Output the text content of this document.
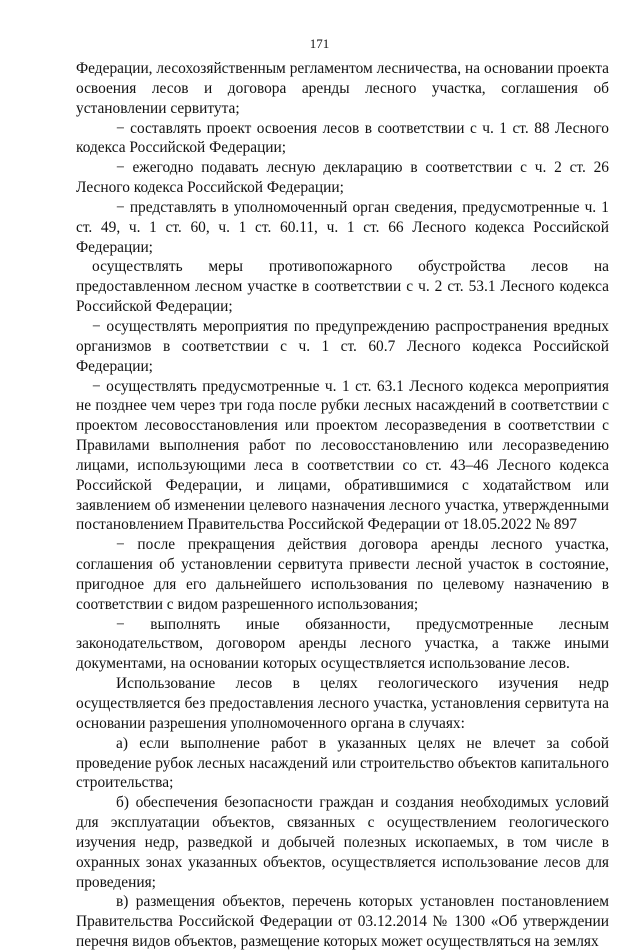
171

Федерации, лесохозяйственным регламентом лесничества, на основании проекта освоения лесов и договора аренды лесного участка, соглашения об установлении сервитута;

− составлять проект освоения лесов в соответствии с ч. 1 ст. 88 Лесного кодекса Российской Федерации;

− ежегодно подавать лесную декларацию в соответствии с ч. 2 ст. 26 Лесного кодекса Российской Федерации;

− представлять в уполномоченный орган сведения, предусмотренные ч. 1 ст. 49, ч. 1 ст. 60, ч. 1 ст. 60.11, ч. 1 ст. 66 Лесного кодекса Российской Федерации;

осуществлять меры противопожарного обустройства лесов на предоставленном лесном участке в соответствии с ч. 2 ст. 53.1 Лесного кодекса Российской Федерации;

− осуществлять мероприятия по предупреждению распространения вредных организмов в соответствии с ч. 1 ст. 60.7 Лесного кодекса Российской Федерации;

− осуществлять предусмотренные ч. 1 ст. 63.1 Лесного кодекса мероприятия не позднее чем через три года после рубки лесных насаждений в соответствии с проектом лесовосстановления или проектом лесоразведения в соответствии с Правилами выполнения работ по лесовосстановлению или лесоразведению лицами, использующими леса в соответствии со ст. 43–46 Лесного кодекса Российской Федерации, и лицами, обратившимися с ходатайством или заявлением об изменении целевого назначения лесного участка, утвержденными постановлением Правительства Российской Федерации от 18.05.2022 № 897

− после прекращения действия договора аренды лесного участка, соглашения об установлении сервитута привести лесной участок в состояние, пригодное для его дальнейшего использования по целевому назначению в соответствии с видом разрешенного использования;

− выполнять иные обязанности, предусмотренные лесным законодательством, договором аренды лесного участка, а также иными документами, на основании которых осуществляется использование лесов.

Использование лесов в целях геологического изучения недр осуществляется без предоставления лесного участка, установления сервитута на основании разрешения уполномоченного органа в случаях:

а) если выполнение работ в указанных целях не влечет за собой проведение рубок лесных насаждений или строительство объектов капитального строительства;

б) обеспечения безопасности граждан и создания необходимых условий для эксплуатации объектов, связанных с осуществлением геологического изучения недр, разведкой и добычей полезных ископаемых, в том числе в охранных зонах указанных объектов, осуществляется использование лесов для проведения;

в) размещения объектов, перечень которых установлен постановлением Правительства Российской Федерации от 03.12.2014 № 1300 «Об утверждении перечня видов объектов, размещение которых может осуществляться на землях
